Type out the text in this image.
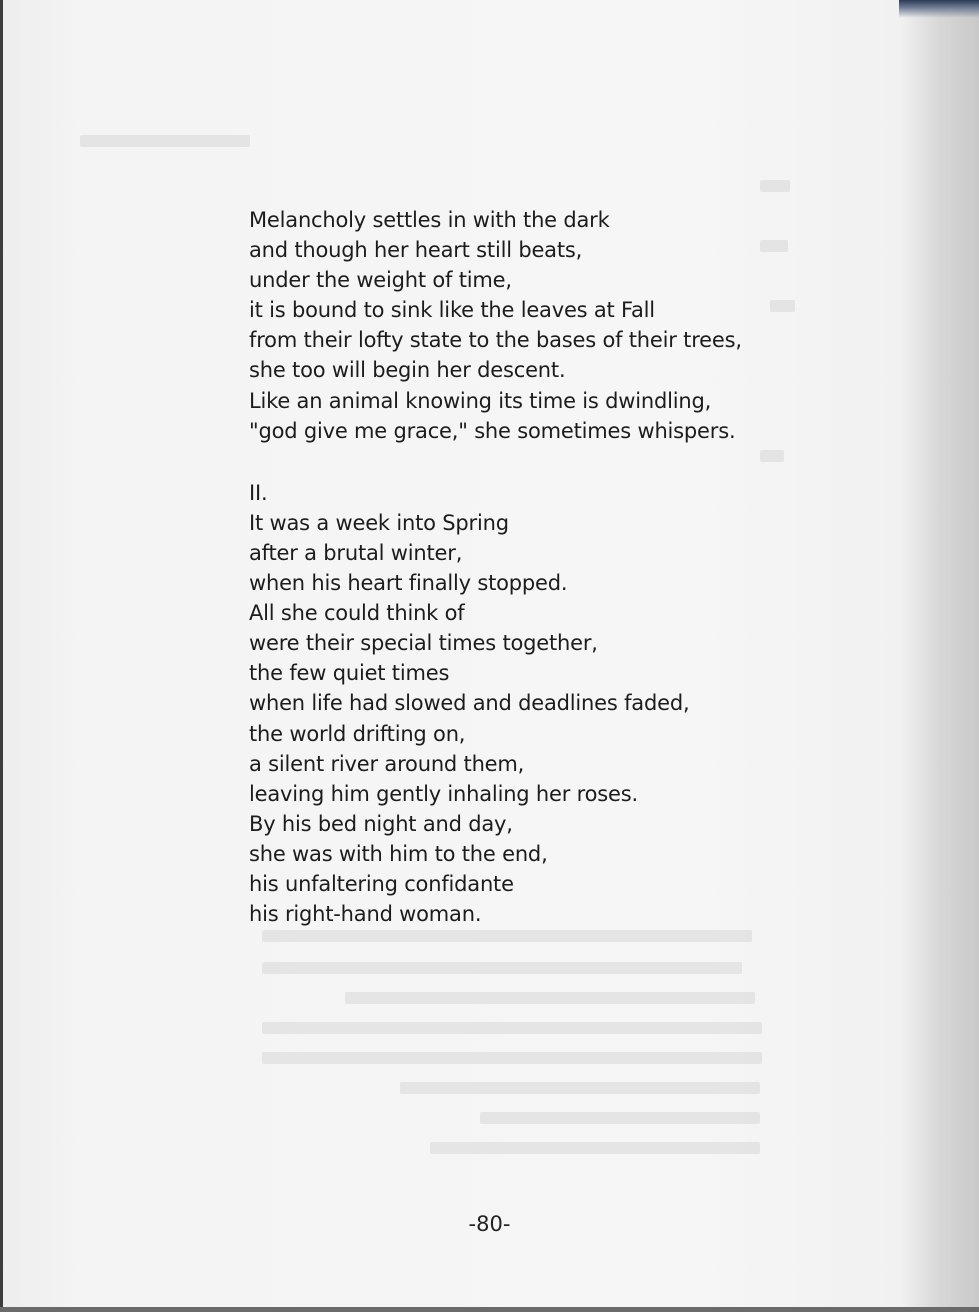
Melancholy settles in with the dark
and though her heart still beats,
under the weight of time,
it is bound to sink like the leaves at Fall
from their lofty state to the bases of their trees,
she too will begin her descent.
Like an animal knowing its time is dwindling,
"god give me grace," she sometimes whispers.
II.
It was a week into Spring
after a brutal winter,
when his heart finally stopped.
All she could think of
were their special times together,
the few quiet times
when life had slowed and deadlines faded,
the world drifting on,
a silent river around them,
leaving him gently inhaling her roses.
By his bed night and day,
she was with him to the end,
his unfaltering confidante
his right-hand woman.
-80-
